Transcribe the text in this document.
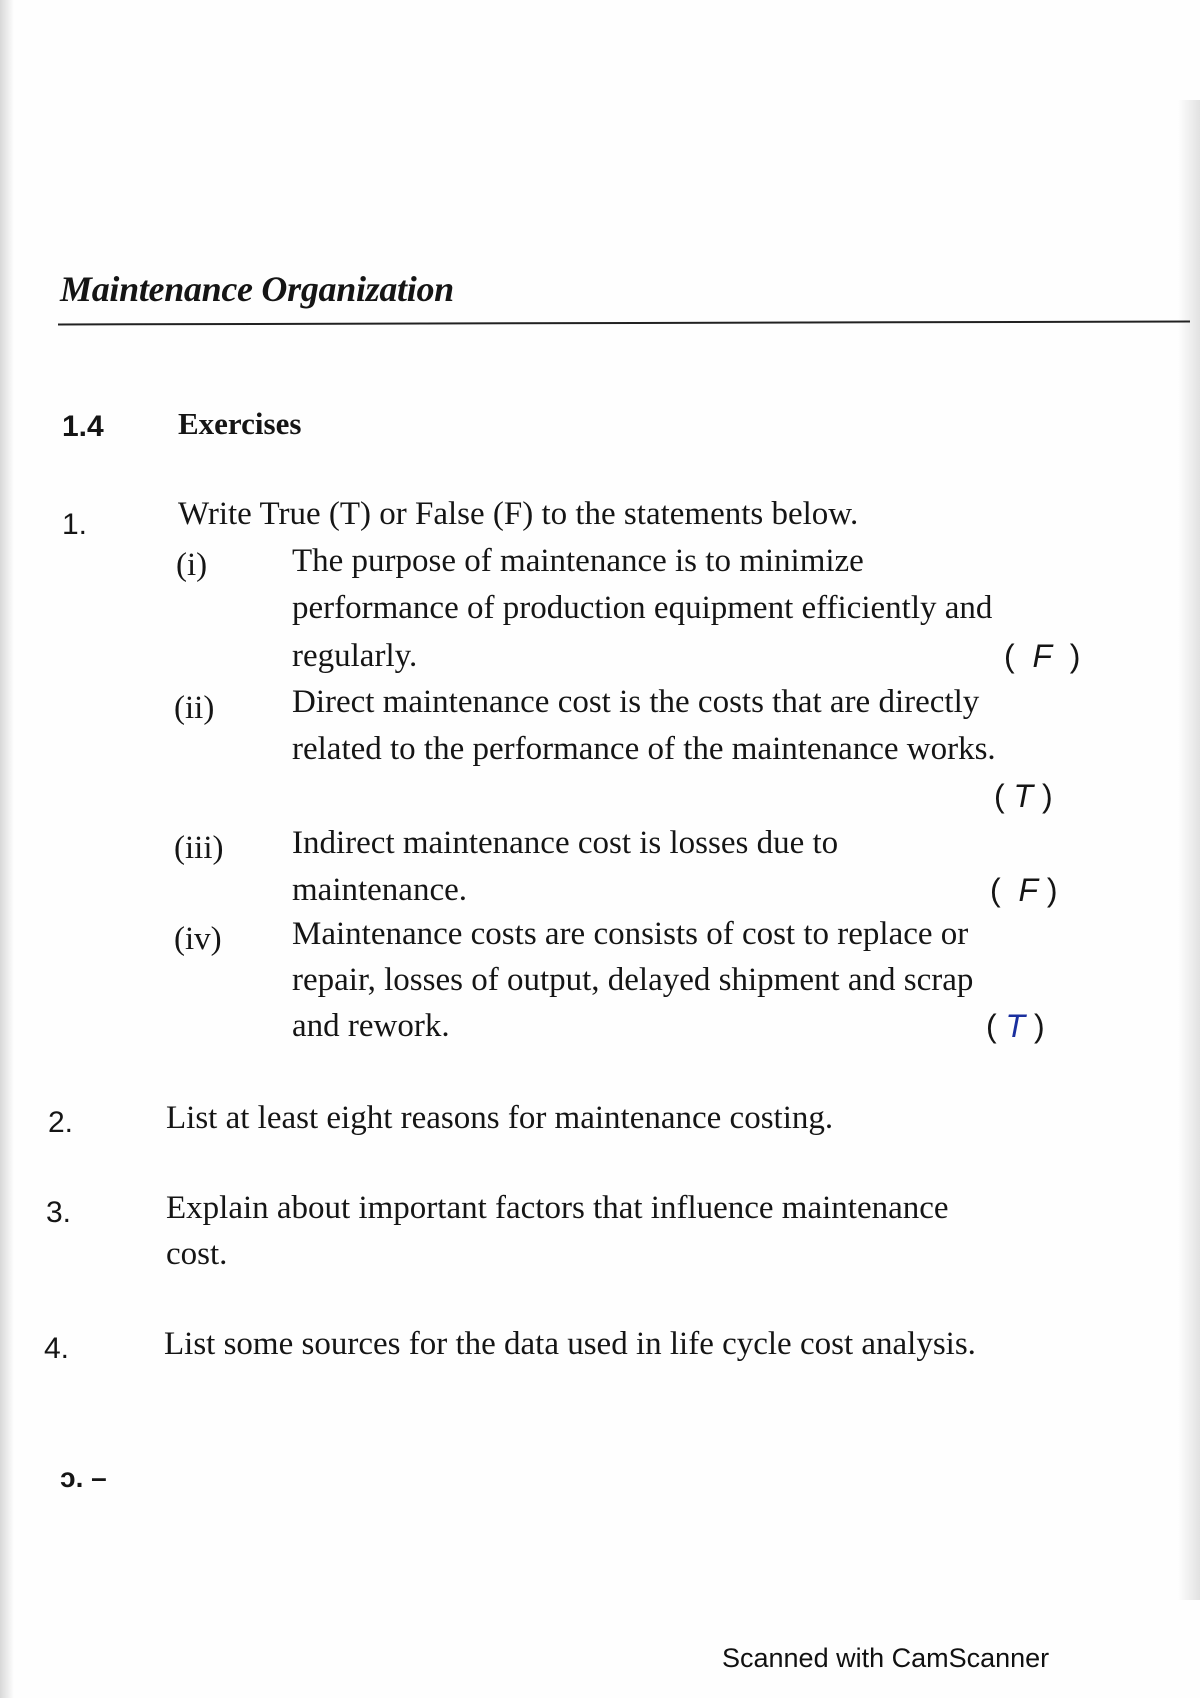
Maintenance Organization
1.4 Exercises
1.	Write True (T) or False (F) to the statements below.
(i)	The purpose of maintenance is to minimize
performance of production equipment efficiently and
regularly.	(  F  )
(ii) Direct maintenance cost is the costs that are directly
related to the performance of the maintenance works.
( T )
(iii) Indirect maintenance cost is losses due to
maintenance.	(  F )
(iv) Maintenance costs are consists of cost to replace or
repair, losses of output, delayed shipment and scrap
and rework.	( T )
2.	List at least eight reasons for maintenance costing.
3.	Explain about important factors that influence maintenance
cost.
4.	List some sources for the data used in life cycle cost analysis.
ɔ. –
Scanned with CamScanner
